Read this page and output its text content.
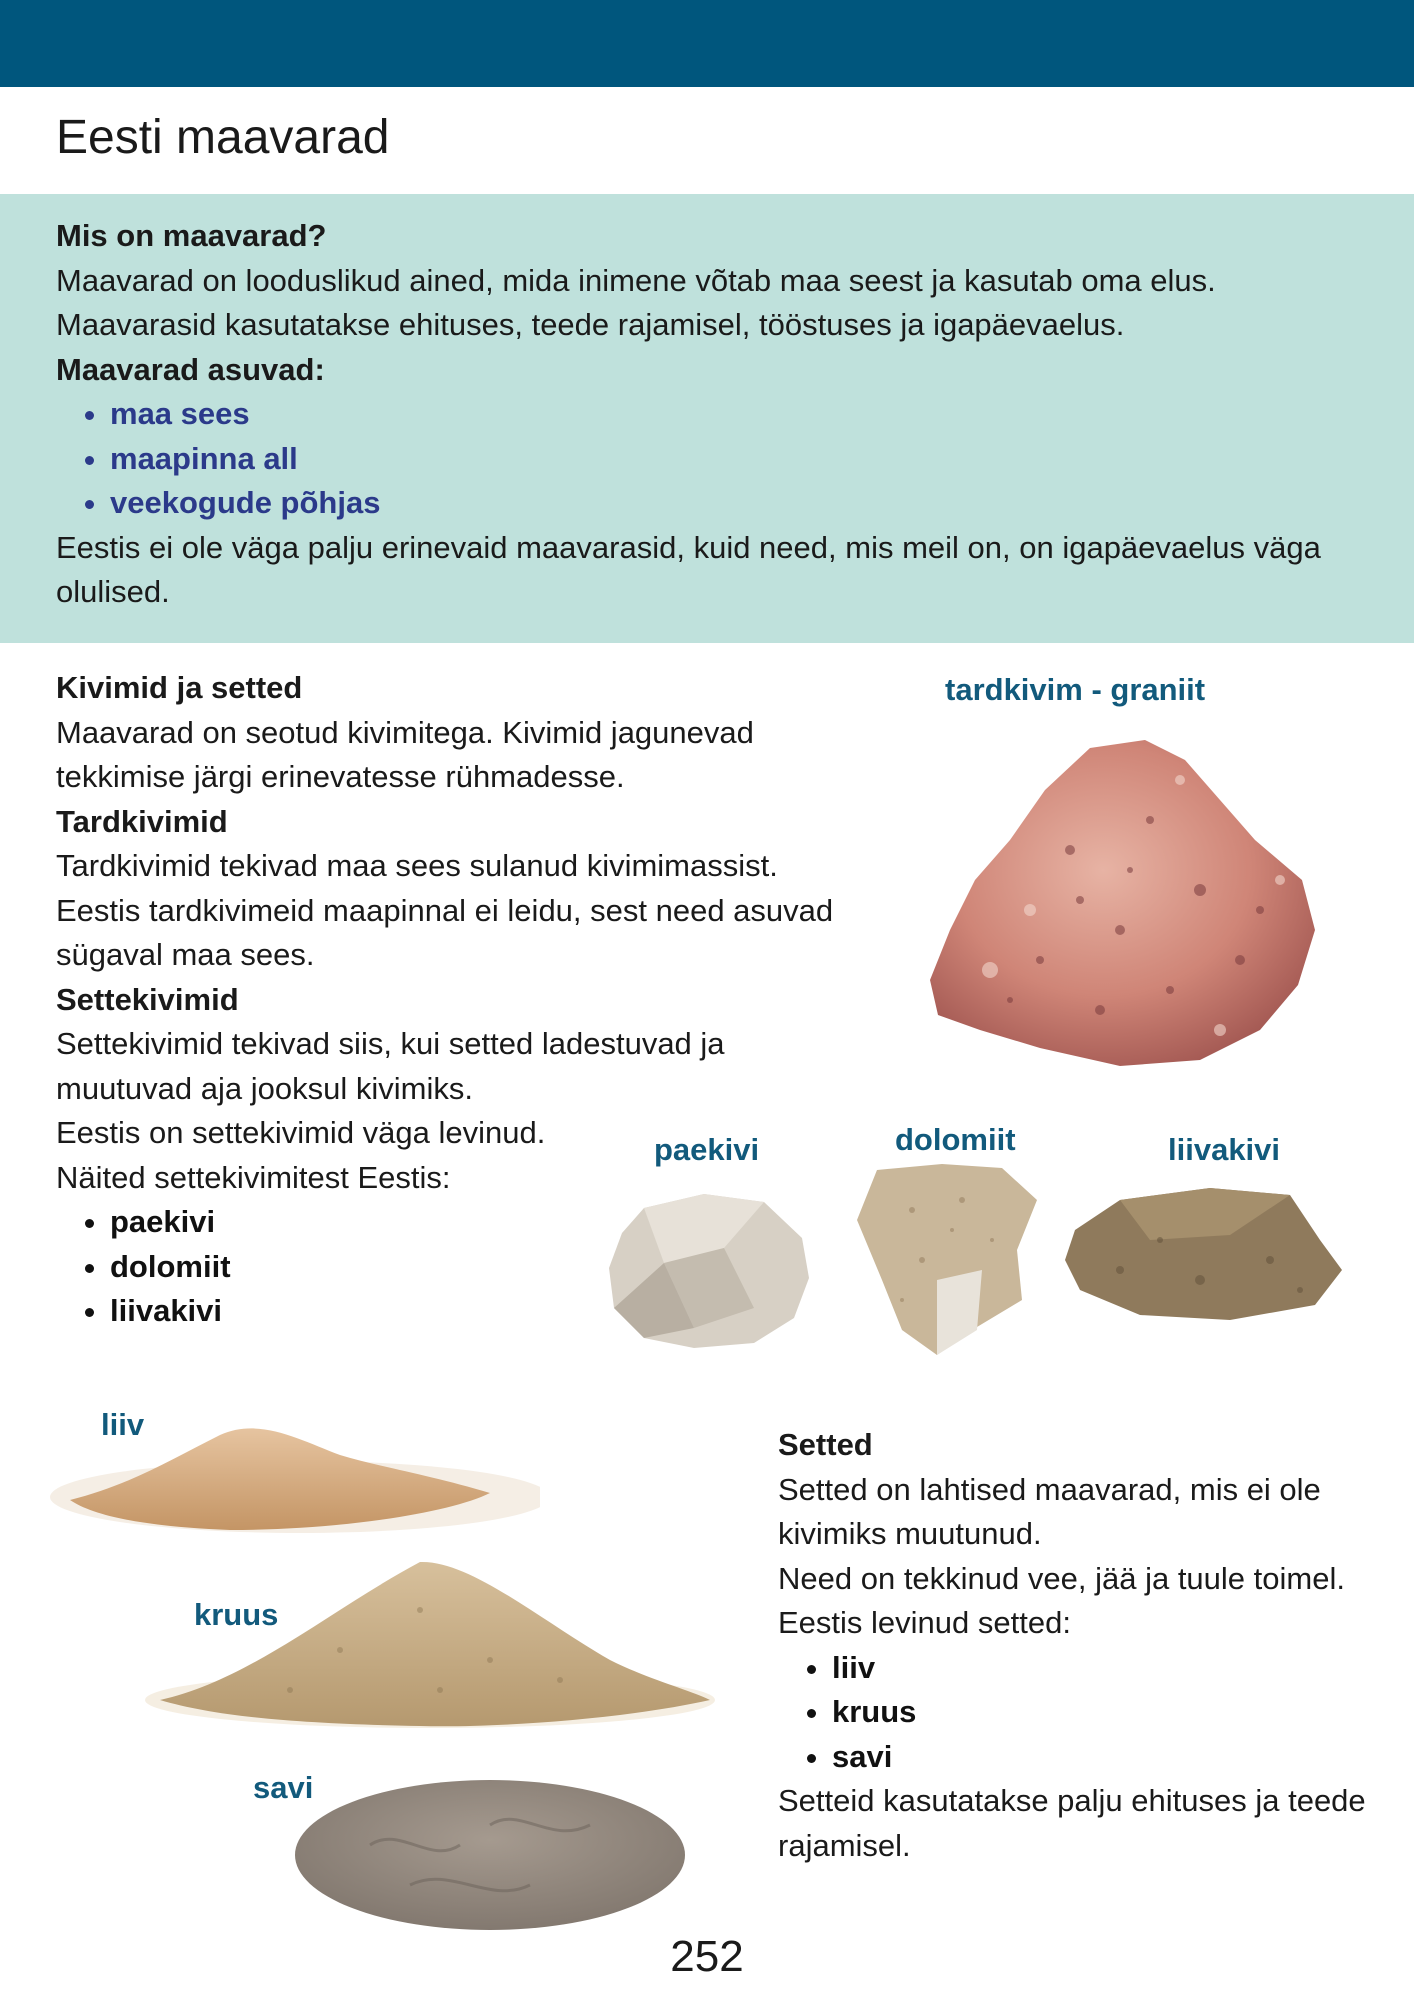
Eesti maavarad

Mis on maavarad?

Maavarad on looduslikud ained, mida inimene võtab maa seest ja kasutab oma elus.

Maavarasid kasutatakse ehituses, teede rajamisel, tööstuses ja igapäevaelus.

Maavarad asuvad:

• maa sees
• maapinna all
• veekogude põhjas

Eestis ei ole väga palju erinevaid maavarasid, kuid need, mis meil on, on igapäevaelus väga olulised.

Kivimid ja setted

Maavarad on seotud kivimitega. Kivimid jagunevad tekkimise järgi erinevatesse rühmadesse.

Tardkivimid

Tardkivimid tekivad maa sees sulanud kivimimassist.

Eestis tardkivimeid maapinnal ei leidu, sest need asuvad sügaval maa sees.

Settekivimid

Settekivimid tekivad siis, kui setted ladestuvad ja muutuvad aja jooksul kivimiks.

Eestis on settekivimid väga levinud.

Näited settekivimitest Eestis:

• paekivi
• dolomiit
• liivakivi
tardkivim - graniit
paekivi	dolomiit	liivakivi
liiv
kruus
savi

Setted

Setted on lahtised maavarad, mis ei ole kivimiks muutunud.

Need on tekkinud vee, jää ja tuule toimel.

Eestis levinud setted:

• liiv
• kruus
• savi

Setteid kasutatakse palju ehituses ja teede rajamisel.

252
